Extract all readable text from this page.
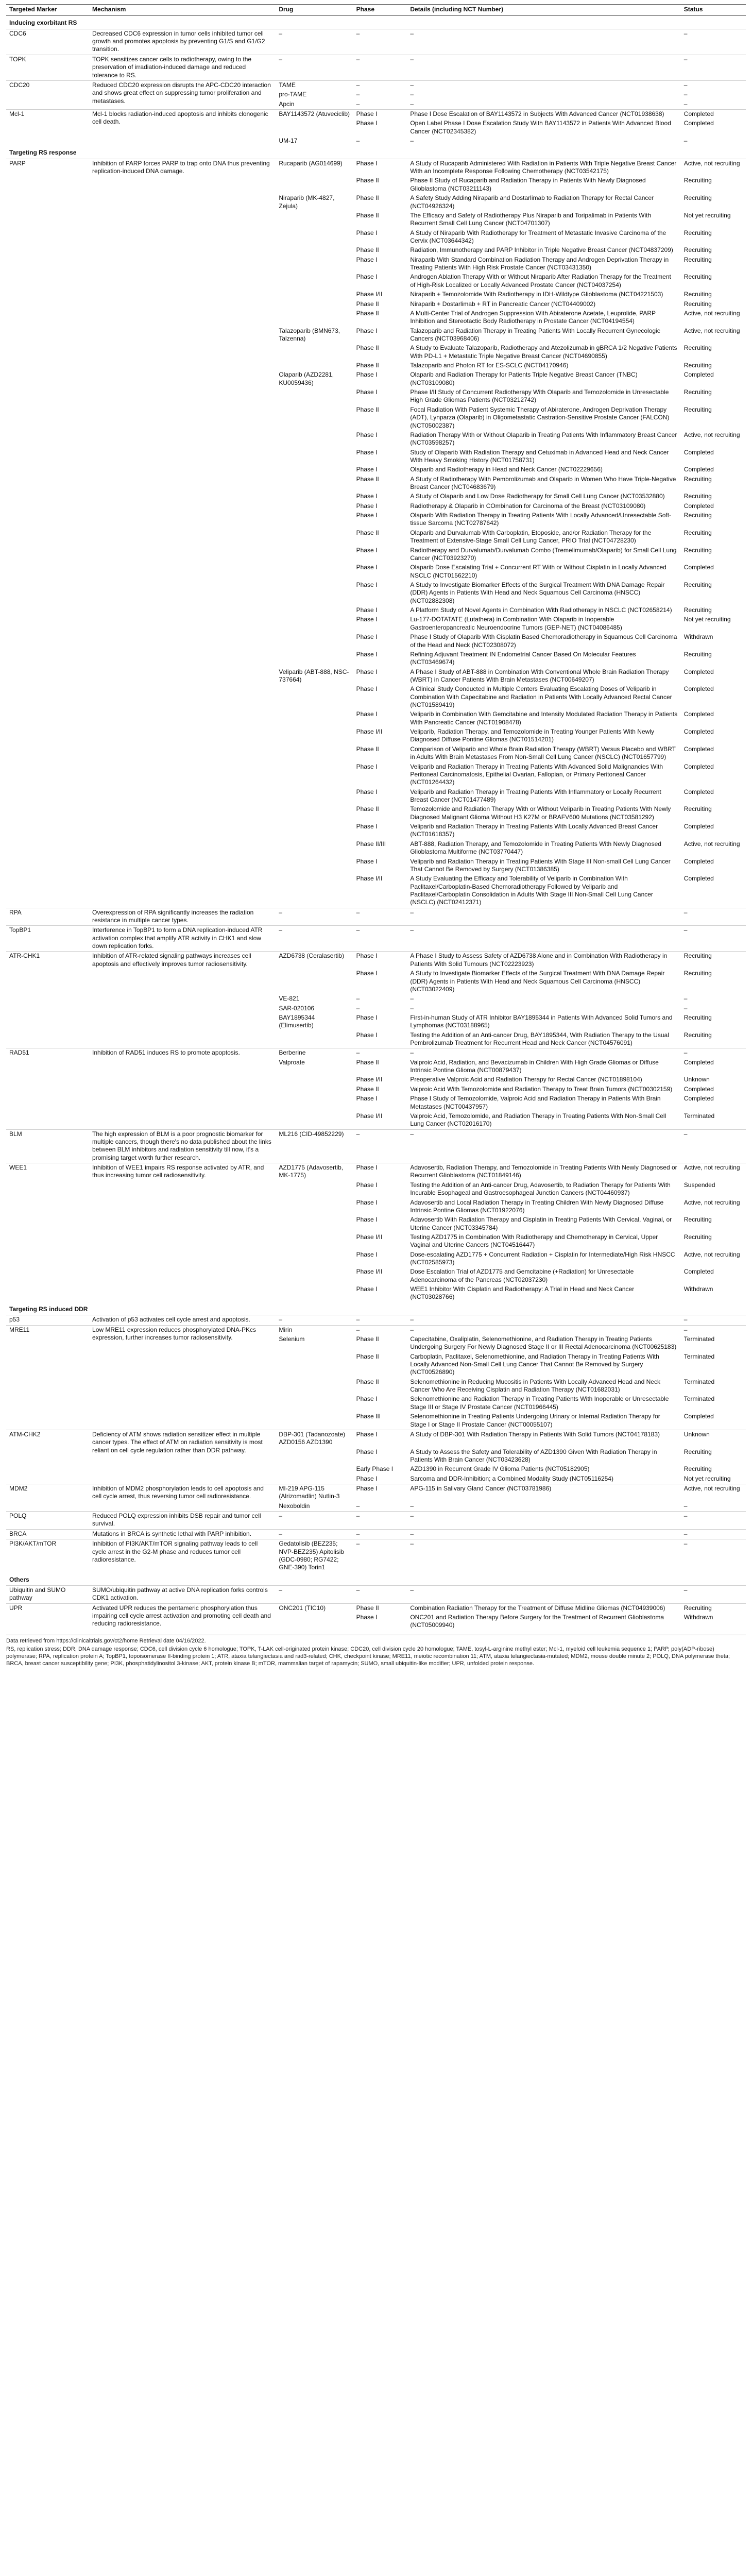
Targeted Marker	Mechanism	Drug	Phase	Details (including NCT Number)	Status
Inducing exorbitant RS					
CDC6	Decreased CDC6 expression in tumor cells inhibited tumor cell growth and promotes apoptosis by preventing G1/S and G1/G2 transition.	–	–	–	–
TOPK	TOPK sensitizes cancer cells to radiotherapy, owing to the preservation of irradiation-induced damage and reduced tolerance to RS.	–	–	–	–
CDC20	Reduced CDC20 expression disrupts the APC-CDC20 interaction and shows great effect on suppressing tumor proliferation and metastases.	TAME	–	–	–
		pro-TAME	–	–	–
		Apcin	–	–	–
Mcl-1	Mcl-1 blocks radiation-induced apoptosis and inhibits clonogenic cell death.	BAY1143572 (Atuveciclib)	Phase I	Phase I Dose Escalation of BAY1143572 in Subjects With Advanced Cancer (NCT01938638)	Completed
			Phase I	Open Label Phase I Dose Escalation Study With BAY1143572 in Patients With Advanced Blood Cancer (NCT02345382)	Completed
		UM-17	–	–	–
Targeting RS response					
PARP	Inhibition of PARP forces PARP to trap onto DNA thus preventing replication-induced DNA damage.	Rucaparib (AG014699)	Phase I	A Study of Rucaparib Administered With Radiation in Patients With Triple Negative Breast Cancer With an Incomplete Response Following Chemotherapy (NCT03542175)	Active, not recruiting
			Phase II	Phase II Study of Rucaparib and Radiation Therapy in Patients With Newly Diagnosed Glioblastoma (NCT03211143)	Recruiting
		Niraparib (MK-4827, Zejula)	Phase II	A Safety Study Adding Niraparib and Dostarlimab to Radiation Therapy for Rectal Cancer (NCT04926324)	Recruiting
			Phase II	The Efficacy and Safety of Radiotherapy Plus Niraparib and Toripalimab in Patients With Recurrent Small Cell Lung Cancer (NCT04701307)	Not yet recruiting
			Phase I	A Study of Niraparib With Radiotherapy for Treatment of Metastatic Invasive Carcinoma of the Cervix (NCT03644342)	Recruiting
			Phase II	Radiation, Immunotherapy and PARP Inhibitor in Triple Negative Breast Cancer (NCT04837209)	Recruiting
			Phase I	Niraparib With Standard Combination Radiation Therapy and Androgen Deprivation Therapy in Treating Patients With High Risk Prostate Cancer (NCT03431350)	Recruiting
			Phase I	Androgen Ablation Therapy With or Without Niraparib After Radiation Therapy for the Treatment of High-Risk Localized or Locally Advanced Prostate Cancer (NCT04037254)	Recruiting
			Phase I/II	Niraparib + Temozolomide With Radiotherapy in IDH-Wildtype Glioblastoma (NCT04221503)	Recruiting
			Phase II	Niraparib + Dostarlimab + RT in Pancreatic Cancer (NCT04409002)	Recruiting
			Phase II	A Multi-Center Trial of Androgen Suppression With Abiraterone Acetate, Leuprolide, PARP Inhibition and Stereotactic Body Radiotherapy in Prostate Cancer (NCT04194554)	Active, not recruiting
		Talazoparib (BMN673, Talzenna)	Phase I	Talazoparib and Radiation Therapy in Treating Patients With Locally Recurrent Gynecologic Cancers (NCT03968406)	Active, not recruiting
			Phase II	A Study to Evaluate Talazoparib, Radiotherapy and Atezolizumab in gBRCA 1/2 Negative Patients With PD-L1 + Metastatic Triple Negative Breast Cancer (NCT04690855)	Recruiting
			Phase II	Talazoparib and Photon RT for ES-SCLC (NCT04170946)	Recruiting
		Olaparib (AZD2281, KU0059436)	Phase I	Olaparib and Radiation Therapy for Patients Triple Negative Breast Cancer (TNBC) (NCT03109080)	Completed
			Phase I	Phase I/II Study of Concurrent Radiotherapy With Olaparib and Temozolomide in Unresectable High Grade Gliomas Patients (NCT03212742)	Recruiting
			Phase II	Focal Radiation With Patient Systemic Therapy of Abiraterone, Androgen Deprivation Therapy (ADT), Lynparza (Olaparib) in Oligometastatic Castration-Sensitive Prostate Cancer (FALCON) (NCT05002387)	Recruiting
			Phase I	Radiation Therapy With or Without Olaparib in Treating Patients With Inflammatory Breast Cancer (NCT03598257)	Active, not recruiting
			Phase I	Study of Olaparib With Radiation Therapy and Cetuximab in Advanced Head and Neck Cancer With Heavy Smoking History (NCT01758731)	Completed
			Phase I	Olaparib and Radiotherapy in Head and Neck Cancer (NCT02229656)	Completed
			Phase II	A Study of Radiotherapy With Pembrolizumab and Olaparib in Women Who Have Triple-Negative Breast Cancer (NCT04683679)	Recruiting
			Phase I	A Study of Olaparib and Low Dose Radiotherapy for Small Cell Lung Cancer (NCT03532880)	Recruiting
			Phase I	Radiotherapy & Olaparib in COmbination for Carcinoma of the Breast (NCT03109080)	Completed
			Phase I	Olaparib With Radiation Therapy in Treating Patients With Locally Advanced/Unresectable Soft-tissue Sarcoma (NCT02787642)	Recruiting
			Phase II	Olaparib and Durvalumab With Carboplatin, Etoposide, and/or Radiation Therapy for the Treatment of Extensive-Stage Small Cell Lung Cancer, PRIO Trial (NCT04728230)	Recruiting
			Phase I	Radiotherapy and Durvalumab/Durvalumab Combo (Tremelimumab/Olaparib) for Small Cell Lung Cancer (NCT03923270)	Recruiting
			Phase I	Olaparib Dose Escalating Trial + Concurrent RT With or Without Cisplatin in Locally Advanced NSCLC (NCT01562210)	Completed
			Phase I	A Study to Investigate Biomarker Effects of the Surgical Treatment With DNA Damage Repair (DDR) Agents in Patients With Head and Neck Squamous Cell Carcinoma (HNSCC) (NCT02882308)	Recruiting
			Phase I	A Platform Study of Novel Agents in Combination With Radiotherapy in NSCLC (NCT02658214)	Recruiting
			Phase I	Lu-177-DOTATATE (Lutathera) in Combination With Olaparib in Inoperable Gastroenteropancreatic Neuroendocrine Tumors (GEP-NET) (NCT04086485)	Not yet recruiting
			Phase I	Phase I Study of Olaparib With Cisplatin Based Chemoradiotherapy in Squamous Cell Carcinoma of the Head and Neck (NCT02308072)	Withdrawn
			Phase I	Refining Adjuvant Treatment IN Endometrial Cancer Based On Molecular Features (NCT03469674)	Recruiting
		Veliparib (ABT-888, NSC-737664)	Phase I	A Phase I Study of ABT-888 in Combination With Conventional Whole Brain Radiation Therapy (WBRT) in Cancer Patients With Brain Metastases (NCT00649207)	Completed
			Phase I	A Clinical Study Conducted in Multiple Centers Evaluating Escalating Doses of Veliparib in Combination With Capecitabine and Radiation in Patients With Locally Advanced Rectal Cancer (NCT01589419)	Completed
			Phase I	Veliparib in Combination With Gemcitabine and Intensity Modulated Radiation Therapy in Patients With Pancreatic Cancer (NCT01908478)	Completed
			Phase I/II	Veliparib, Radiation Therapy, and Temozolomide in Treating Younger Patients With Newly Diagnosed Diffuse Pontine Gliomas (NCT01514201)	Completed
			Phase II	Comparison of Veliparib and Whole Brain Radiation Therapy (WBRT) Versus Placebo and WBRT in Adults With Brain Metastases From Non-Small Cell Lung Cancer (NSCLC) (NCT01657799)	Completed
			Phase I	Veliparib and Radiation Therapy in Treating Patients With Advanced Solid Malignancies With Peritoneal Carcinomatosis, Epithelial Ovarian, Fallopian, or Primary Peritoneal Cancer (NCT01264432)	Completed
			Phase I	Veliparib and Radiation Therapy in Treating Patients With Inflammatory or Locally Recurrent Breast Cancer (NCT01477489)	Completed
			Phase II	Temozolomide and Radiation Therapy With or Without Veliparib in Treating Patients With Newly Diagnosed Malignant Glioma Without H3 K27M or BRAFV600 Mutations (NCT03581292)	Recruiting
			Phase I	Veliparib and Radiation Therapy in Treating Patients With Locally Advanced Breast Cancer (NCT01618357)	Completed
			Phase II/III	ABT-888, Radiation Therapy, and Temozolomide in Treating Patients With Newly Diagnosed Glioblastoma Multiforme (NCT03770447)	Active, not recruiting
			Phase I	Veliparib and Radiation Therapy in Treating Patients With Stage III Non-small Cell Lung Cancer That Cannot Be Removed by Surgery (NCT01386385)	Completed
			Phase I/II	A Study Evaluating the Efficacy and Tolerability of Veliparib in Combination With Paclitaxel/Carboplatin-Based Chemoradiotherapy Followed by Veliparib and Paclitaxel/Carboplatin Consolidation in Adults With Stage III Non-Small Cell Lung Cancer (NSCLC) (NCT02412371)	Completed
RPA	Overexpression of RPA significantly increases the radiation resistance in multiple cancer types.	–	–	–	–
TopBP1	Interference in TopBP1 to form a DNA replication-induced ATR activation complex that amplify ATR activity in CHK1 and slow down replication forks.	–	–	–	–
ATR-CHK1	Inhibition of ATR-related signaling pathways increases cell apoptosis and effectively improves tumor radiosensitivity.	AZD6738 (Ceralasertib)	Phase I	A Phase I Study to Assess Safety of AZD6738 Alone and in Combination With Radiotherapy in Patients With Solid Tumours (NCT02223923)	Recruiting
			Phase I	A Study to Investigate Biomarker Effects of the Surgical Treatment With DNA Damage Repair (DDR) Agents in Patients With Head and Neck Squamous Cell Carcinoma (HNSCC) (NCT03022409)	Recruiting
		VE-821	–	–	–
		SAR-020106	–	–	–
		BAY1895344 (Elimusertib)	Phase I	First-in-human Study of ATR Inhibitor BAY1895344 in Patients With Advanced Solid Tumors and Lymphomas (NCT03188965)	Recruiting
			Phase I	Testing the Addition of an Anti-cancer Drug, BAY1895344, With Radiation Therapy to the Usual Pembrolizumab Treatment for Recurrent Head and Neck Cancer (NCT04576091)	Recruiting
RAD51	Inhibition of RAD51 induces RS to promote apoptosis.	Berberine	–	–	–
		Valproate	Phase II	Valproic Acid, Radiation, and Bevacizumab in Children With High Grade Gliomas or Diffuse Intrinsic Pontine Glioma (NCT00879437)	Completed
			Phase I/II	Preoperative Valproic Acid and Radiation Therapy for Rectal Cancer (NCT01898104)	Unknown
			Phase II	Valproic Acid With Temozolomide and Radiation Therapy to Treat Brain Tumors (NCT00302159)	Completed
			Phase I	Phase I Study of Temozolomide, Valproic Acid and Radiation Therapy in Patients With Brain Metastases (NCT00437957)	Completed
			Phase I/II	Valproic Acid, Temozolomide, and Radiation Therapy in Treating Patients With Non-Small Cell Lung Cancer (NCT02016170)	Terminated
BLM	The high expression of BLM is a poor prognostic biomarker for multiple cancers, though there's no data published about the links between BLM inhibitors and radiation sensitivity till now, it's a promising target worth further research.	ML216 (CID-49852229)	–	–	–
WEE1	Inhibition of WEE1 impairs RS response activated by ATR, and thus increasing tumor cell radiosensitivity.	AZD1775 (Adavosertib, MK-1775)	Phase I	Adavosertib, Radiation Therapy, and Temozolomide in Treating Patients With Newly Diagnosed or Recurrent Glioblastoma (NCT01849146)	Active, not recruiting
			Phase I	Testing the Addition of an Anti-cancer Drug, Adavosertib, to Radiation Therapy for Patients With Incurable Esophageal and Gastroesophageal Junction Cancers (NCT04460937)	Suspended
			Phase I	Adavosertib and Local Radiation Therapy in Treating Children With Newly Diagnosed Diffuse Intrinsic Pontine Gliomas (NCT01922076)	Active, not recruiting
			Phase I	Adavosertib With Radiation Therapy and Cisplatin in Treating Patients With Cervical, Vaginal, or Uterine Cancer (NCT03345784)	Recruiting
			Phase I/II	Testing AZD1775 in Combination With Radiotherapy and Chemotherapy in Cervical, Upper Vaginal and Uterine Cancers (NCT04516447)	Recruiting
			Phase I	Dose-escalating AZD1775 + Concurrent Radiation + Cisplatin for Intermediate/High Risk HNSCC (NCT02585973)	Active, not recruiting
			Phase I/II	Dose Escalation Trial of AZD1775 and Gemcitabine (+Radiation) for Unresectable Adenocarcinoma of the Pancreas (NCT02037230)	Completed
			Phase I	WEE1 Inhibitor With Cisplatin and Radiotherapy: A Trial in Head and Neck Cancer (NCT03028766)	Withdrawn
Targeting RS induced DDR					
p53	Activation of p53 activates cell cycle arrest and apoptosis.	–	–	–	–
MRE11	Low MRE11 expression reduces phosphorylated DNA-PKcs expression, further increases tumor radiosensitivity.	Mirin	–	–	–
		Selenium	Phase II	Capecitabine, Oxaliplatin, Selenomethionine, and Radiation Therapy in Treating Patients Undergoing Surgery For Newly Diagnosed Stage II or III Rectal Adenocarcinoma (NCT00625183)	Terminated
			Phase II	Carboplatin, Paclitaxel, Selenomethionine, and Radiation Therapy in Treating Patients With Locally Advanced Non-Small Cell Lung Cancer That Cannot Be Removed by Surgery (NCT00526890)	Terminated
			Phase II	Selenomethionine in Reducing Mucositis in Patients With Locally Advanced Head and Neck Cancer Who Are Receiving Cisplatin and Radiation Therapy (NCT01682031)	Terminated
			Phase I	Selenomethionine and Radiation Therapy in Treating Patients With Inoperable or Unresectable Stage III or Stage IV Prostate Cancer (NCT01966445)	Terminated
			Phase III	Selenomethionine in Treating Patients Undergoing Urinary or Internal Radiation Therapy for Stage I or Stage II Prostate Cancer (NCT00055107)	Completed
ATM-CHK2	Deficiency of ATM shows radiation sensitizer effect in multiple cancer types. The effect of ATM on radiation sensitivity is most reliant on cell cycle regulation rather than DDR pathway.	DBP-301 (Tadanozoate) AZD0156 AZD1390	Phase I	A Study of DBP-301 With Radiation Therapy in Patients With Solid Tumors (NCT04178183)	Unknown
			Phase I	A Study to Assess the Safety and Tolerability of AZD1390 Given With Radiation Therapy in Patients With Brain Cancer (NCT03423628)	Recruiting
			Early Phase I	AZD1390 in Recurrent Grade IV Glioma Patients (NCT05182905)	Recruiting
			Phase I	Sarcoma and DDR-Inhibition; a Combined Modality Study (NCT05116254)	Not yet recruiting
MDM2	Inhibition of MDM2 phosphorylation leads to cell apoptosis and cell cycle arrest, thus reversing tumor cell radioresistance.	MI-219 APG-115 (Alrizomadlin) Nutlin-3	Phase I	APG-115 in Salivary Gland Cancer (NCT03781986)	Active, not recruiting
		Nexoboldin	–	–	–
POLQ	Reduced POLQ expression inhibits DSB repair and tumor cell survival.	–	–	–	–
BRCA	Mutations in BRCA is synthetic lethal with PARP inhibition.	–	–	–	–
PI3K/AKT/mTOR	Inhibition of PI3K/AKT/mTOR signaling pathway leads to cell cycle arrest in the G2-M phase and reduces tumor cell radioresistance.	Gedatolisib (BEZ235; NVP-BEZ235) Apitolisib (GDC-0980; RG7422; GNE-390) Torin1	–	–	–
Others					
Ubiquitin and SUMO pathway	SUMO/ubiquitin pathway at active DNA replication forks controls CDK1 activation.	–	–	–	–
UPR	Activated UPR reduces the pentameric phosphorylation thus impairing cell cycle arrest activation and promoting cell death and reducing radioresistance.	ONC201 (TIC10)	Phase II	Combination Radiation Therapy for the Treatment of Diffuse Midline Gliomas (NCT04939006)	Recruiting
			Phase I	ONC201 and Radiation Therapy Before Surgery for the Treatment of Recurrent Glioblastoma (NCT05009940)	Withdrawn

Data retrieved from https://clinicaltrials.gov/ct2/home Retrieval date 04/16/2022.

RS, replication stress; DDR, DNA damage response; CDC6, cell division cycle 6 homologue; TOPK, T-LAK cell-originated protein kinase; CDC20, cell division cycle 20 homologue; TAME, tosyl-L-arginine methyl ester; Mcl-1, myeloid cell leukemia sequence 1; PARP, poly(ADP-ribose) polymerase; RPA, replication protein A; TopBP1, topoisomerase II-binding protein 1; ATR, ataxia telangiectasia and rad3-related; CHK, checkpoint kinase; MRE11, meiotic recombination 11; ATM, ataxia telangiectasia-mutated; MDM2, mouse double minute 2; POLQ, DNA polymerase theta; BRCA, breast cancer susceptibility gene; PI3K, phosphatidylinositol 3-kinase; AKT, protein kinase B; mTOR, mammalian target of rapamycin; SUMO, small ubiquitin-like modifier; UPR, unfolded protein response.
